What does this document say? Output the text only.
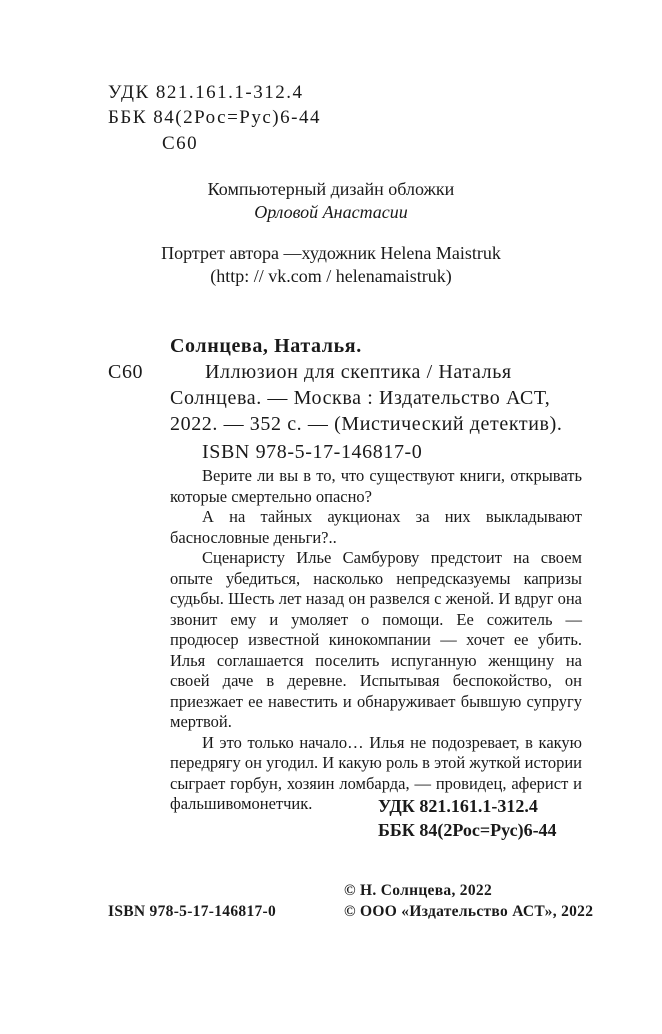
УДК 821.161.1-312.4
ББК 84(2Рос=Рус)6-44
С60
Компьютерный дизайн обложки
Орловой Анастасии
Портрет автора —художник Helena Maistruk
(http: // vk.com / helenamaistruk)
Солнцева, Наталья.
С60	Иллюзион для скептика / Наталья
Солнцева. — Москва : Издательство АСТ,
2022. — 352 с. — (Мистический детектив).
ISBN 978-5-17-146817-0

Верите ли вы в то, что существуют книги, открывать которые смертельно опасно?

А на тайных аукционах за них выкладывают баснословные деньги?..

Сценаристу Илье Самбурову предстоит на своем опыте убедиться, насколько непредсказуемы капризы судьбы. Шесть лет назад он развелся с женой. И вдруг она звонит ему и умоляет о помощи. Ее сожитель — продюсер известной кинокомпании — хочет ее убить. Илья соглашается поселить испуганную женщину на своей даче в деревне. Испытывая беспокойство, он приезжает ее навестить и обнаруживает бывшую супругу мертвой.

И это только начало… Илья не подозревает, в какую передрягу он угодил. И какую роль в этой жуткой истории сыграет горбун, хозяин ломбарда, — провидец, аферист и фальшивомонетчик.	УДК 821.161.1-312.4
ББК 84(2Рос=Рус)6-44
© Н. Солнцева, 2022
ISBN 978-5-17-146817-0	© ООО «Издательство АСТ», 2022
